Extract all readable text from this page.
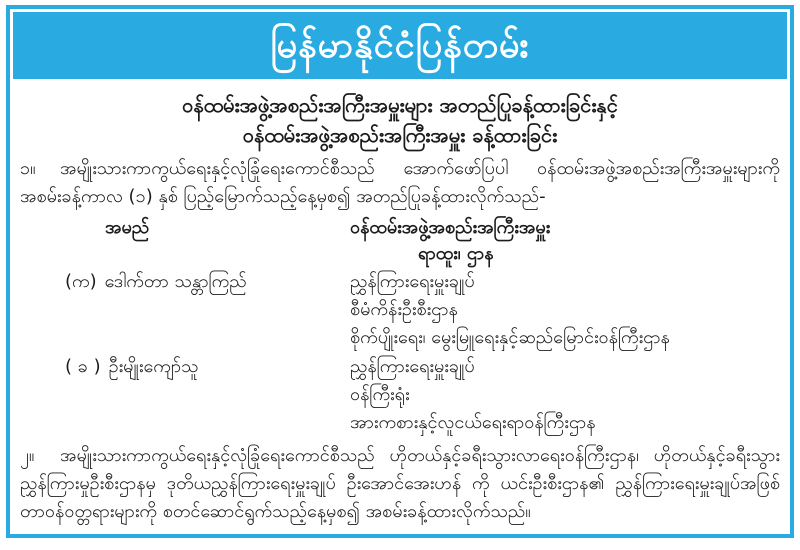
မြန်မာနိုင်ငံပြန်တမ်း
ဝန်ထမ်းအဖွဲ့အစည်းအကြီးအမှူးများ အတည်ပြုခန့်ထားခြင်းနှင့်
ဝန်ထမ်းအဖွဲ့အစည်းအကြီးအမှူး ခန့်ထားခြင်း

၁။ အမျိုးသားကာကွယ်ရေးနှင့်လုံခြုံရေးကောင်စီသည် အောက်ဖော်ပြပါ ဝန်ထမ်းအဖွဲ့အစည်းအကြီးအမှူးများကို အစမ်းခန့်ကာလ (၁) နှစ် ပြည့်မြောက်သည့်နေ့မှစ၍ အတည်ပြုခန့်ထားလိုက်သည်-

အမည်	ဝန်ထမ်းအဖွဲ့အစည်းအကြီးအမှူး
ရာထူး၊ ဌာန
(က) ဒေါက်တာ သန္တာကြည်	ညွှန်ကြားရေးမှူးချုပ်
စီမံကိန်းဦးစီးဌာန
စိုက်ပျိုးရေး၊ မွေးမြူရေးနှင့်ဆည်မြောင်းဝန်ကြီးဌာန
( ခ ) ဦးမျိုးကျော်သူ	ညွှန်ကြားရေးမှူးချုပ်
ဝန်ကြီးရုံး
အားကစားနှင့်လူငယ်ရေးရာဝန်ကြီးဌာန

၂။ အမျိုးသားကာကွယ်ရေးနှင့်လုံခြုံရေးကောင်စီသည် ဟိုတယ်နှင့်ခရီးသွားလာရေးဝန်ကြီးဌာန၊ ဟိုတယ်နှင့်ခရီးသွားညွှန်ကြားမှုဦးစီးဌာနမှ ဒုတိယညွှန်ကြားရေးမှူးချုပ် ဦးအောင်အေးဟန် ကို ယင်းဦးစီးဌာန၏ ညွှန်ကြားရေးမှူးချုပ်အဖြစ် တာဝန်ဝတ္တရားများကို စတင်ဆောင်ရွက်သည့်နေ့မှစ၍ အစမ်းခန့်ထားလိုက်သည်။
